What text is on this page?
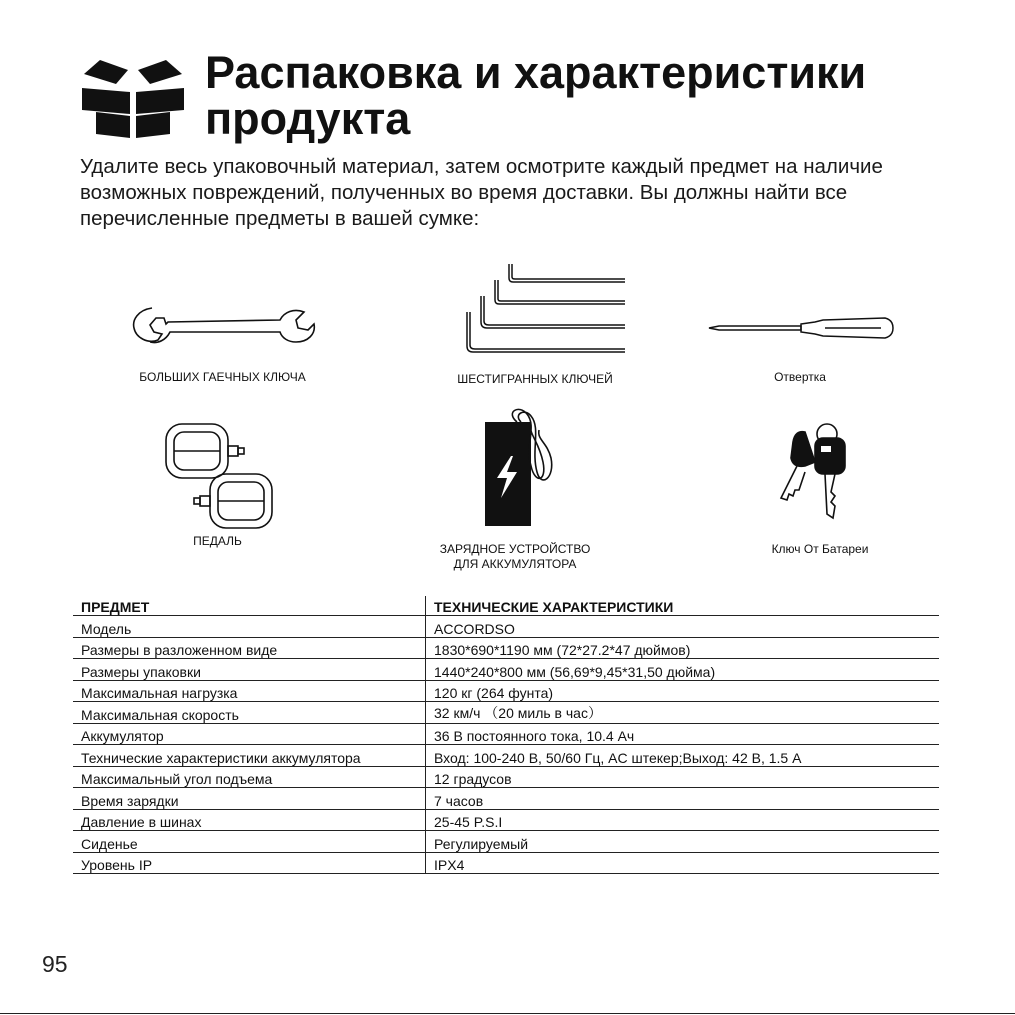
Распаковка и характеристики продукта

Удалите весь упаковочный материал, затем осмотрите каждый предмет на наличие возможных повреждений, полученных во время доставки. Вы должны найти все перечисленные предметы в вашей сумке:

БОЛЬШИХ ГАЕЧНЫХ КЛЮЧА	ШЕСТИГРАННЫХ КЛЮЧЕЙ	Отвертка
ПЕДАЛЬ
ЗАРЯДНОЕ УСТРОЙСТВО
ДЛЯ АККУМУЛЯТОРА
Ключ От Батареи
ПРЕДМЕТ	ТЕХНИЧЕСКИЕ ХАРАКТЕРИСТИКИ
Модель	ACCORDSO
Размеры в разложенном виде	1830*690*1190 мм (72*27.2*47 дюймов)
Размеры упаковки	1440*240*800 мм (56,69*9,45*31,50 дюйма)
Максимальная нагрузка	120 кг (264 фунта)
Максимальная скорость	32 км/ч （20 миль в час）
Аккумулятор	36 В постоянного тока, 10.4 Ач
Технические характеристики аккумулятора	Вход: 100-240 В, 50/60 Гц, AC штекер;Выход: 42 В, 1.5 А
Максимальный угол подъема	12 градусов
Время зарядки	7 часов
Давление в шинах	25-45 P.S.I
Сиденье	Регулируемый
Уровень IP	IPX4
95
